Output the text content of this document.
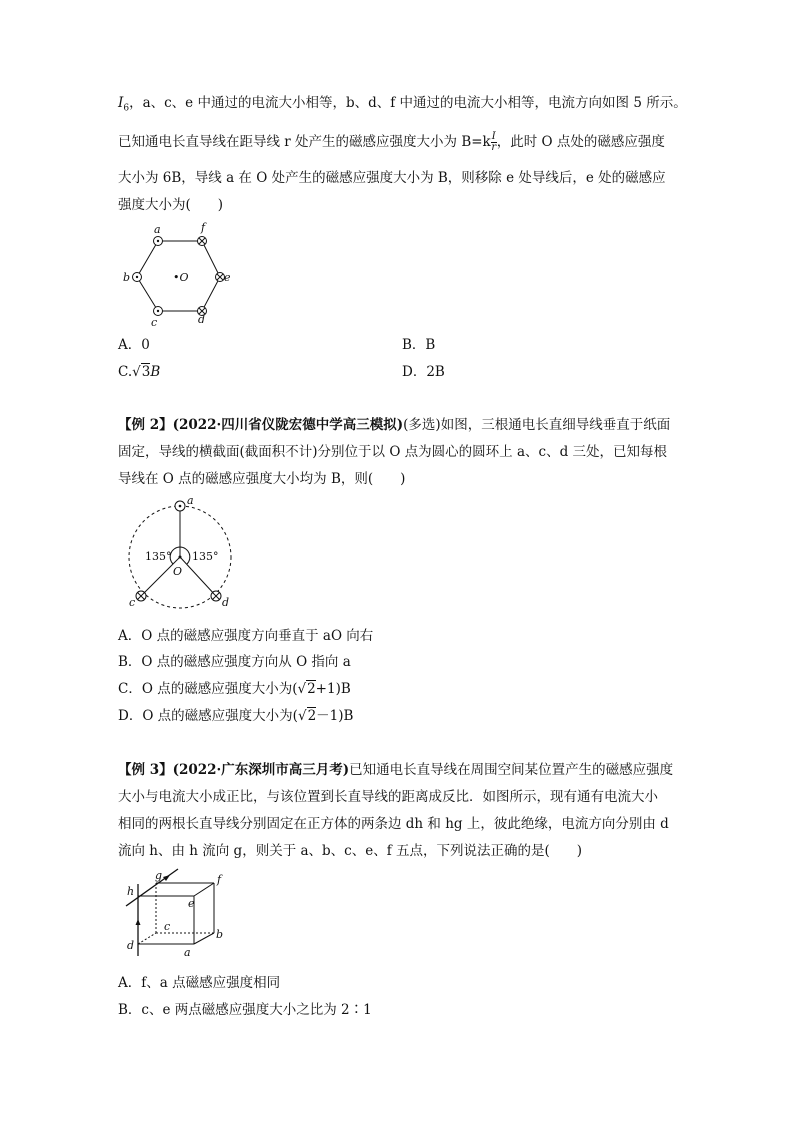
$I_6$，a、c、e 中通过的电流大小相等，b、d、f 中通过的电流大小相等，电流方向如图 5 所示。
已知通电长直导线在距导线 r 处产生的磁感应强度大小为 $B=k \frac{I}{r}$ ，此时 O 点处的磁感应强度
大小为 6B，导线 a 在 O 处产生的磁感应强度大小为 B，则移除 e 处导线后，e 处的磁感应
强度大小为(　　)
a	f
b	e
c	d
•O
A．0	B．B
C.√3B	D．2B
【例 2】(2022·四川省仪陇宏德中学高三模拟)(多选)如图，三根通电长直细导线垂直于纸面
固定，导线的横截面(截面积不计)分别位于以 O 点为圆心的圆环上 a、c、d 三处，已知每根
导线在 O 点的磁感应强度大小均为 B，则(　　)
a
c	d
O
135° 135°
A．O 点的磁感应强度方向垂直于 aO 向右
B．O 点的磁感应强度方向从 O 指向 a
C．O 点的磁感应强度大小为(√2+1)B
D．O 点的磁感应强度大小为(√2－1)B
【例 3】(2022·广东深圳市高三月考)已知通电长直导线在周围空间某位置产生的磁感应强度
大小与电流大小成正比，与该位置到长直导线的距离成反比．如图所示，现有通有电流大小
相同的两根长直导线分别固定在正方体的两条边 dh 和 hg 上，彼此绝缘，电流方向分别由 d
流向 h、由 h 流向 g，则关于 a、b、c、e、f 五点，下列说法正确的是(　　)
h
g	f
e
c
b
d
a
A．f、a 点磁感应强度相同
B．c、e 两点磁感应强度大小之比为 2∶1
